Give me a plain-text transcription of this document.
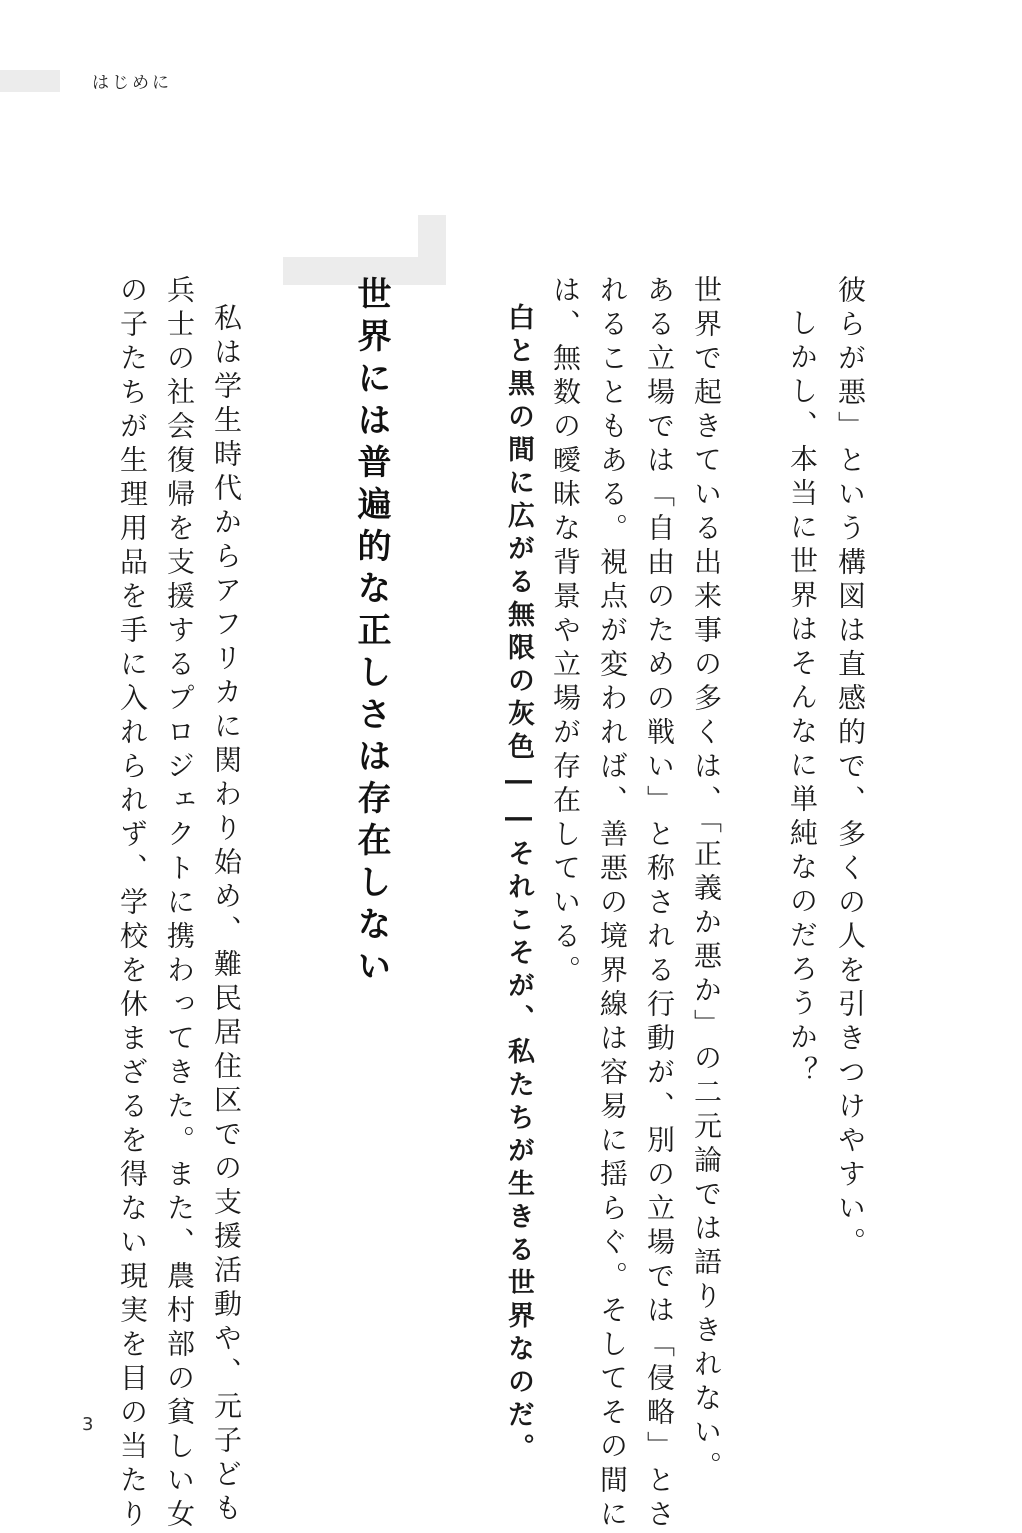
はじめに
彼らが悪」という構図は直感的で、多くの人を引きつけやすい。
しかし、本当に世界はそんなに単純なのだろうか？
世界で起きている出来事の多くは、「正義か悪か」の二元論では語りきれない。
ある立場では「自由のための戦い」と称される行動が、別の立場では「侵略」とさ
れることもある。視点が変われば、善悪の境界線は容易に揺らぐ。そしてその間に
は、無数の曖昧な背景や立場が存在している。
白と黒の間に広がる無限の灰色――それこそが、私たちが生きる世界なのだ。
世界には普遍的な正しさは存在しない
私は学生時代からアフリカに関わり始め、難民居住区での支援活動や、元子ども
兵士の社会復帰を支援するプロジェクトに携わってきた。また、農村部の貧しい女
の子たちが生理用品を手に入れられず、学校を休まざるを得ない現実を目の当たり
3
